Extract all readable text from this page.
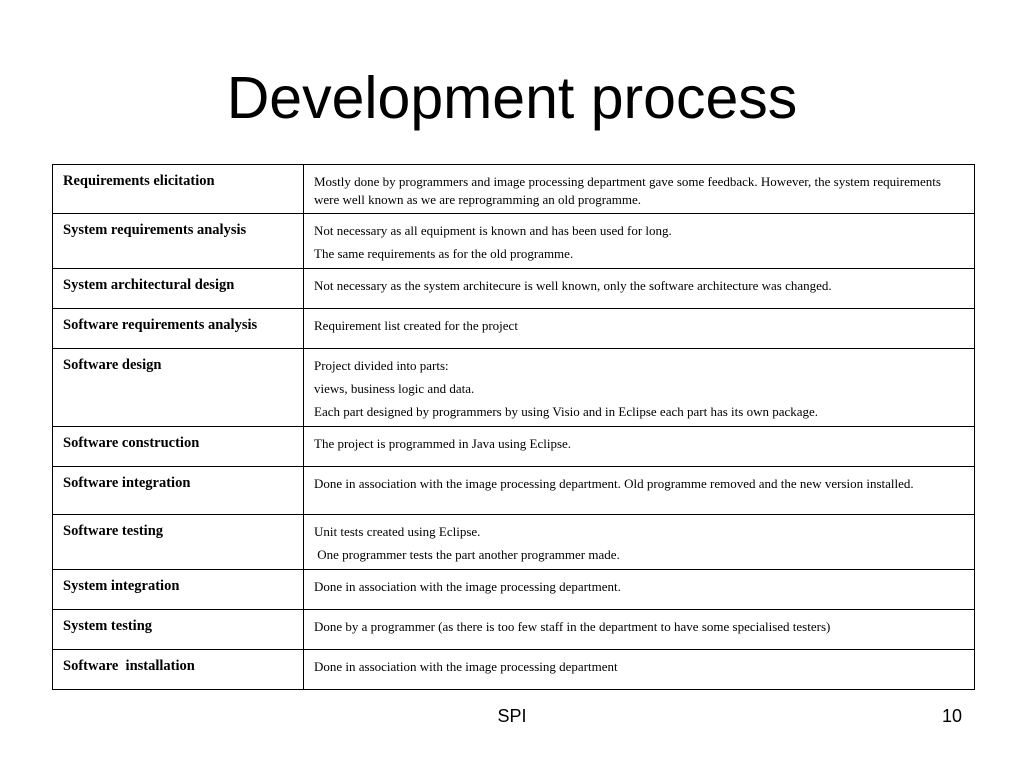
Development process
Requirements elicitation	Mostly done by programmers and image processing department gave some feedback. However, the system requirements were well known as we are reprogramming an old programme.

System requirements analysis	Not necessary as all equipment is known and has been used for long.
The same requirements as for the old programme.

System architectural design	Not necessary as the system architecure is well known, only the software architecture was changed.

Software requirements analysis	Requirement list created for the project

Software design	Project divided into parts:
views, business logic and data.
Each part designed by programmers by using Visio and in Eclipse each part has its own package.

Software construction	The project is programmed in Java using Eclipse.

Software integration	Done in association with the image processing department. Old programme removed and the new version installed.

Software testing	Unit tests created using Eclipse.
One programmer tests the part another programmer made.

System integration	Done in association with the image processing department.

System testing	Done by a programmer (as there is too few staff in the department to have some specialised testers)

Software  installation	Done in association with the image processing department
SPI	10
